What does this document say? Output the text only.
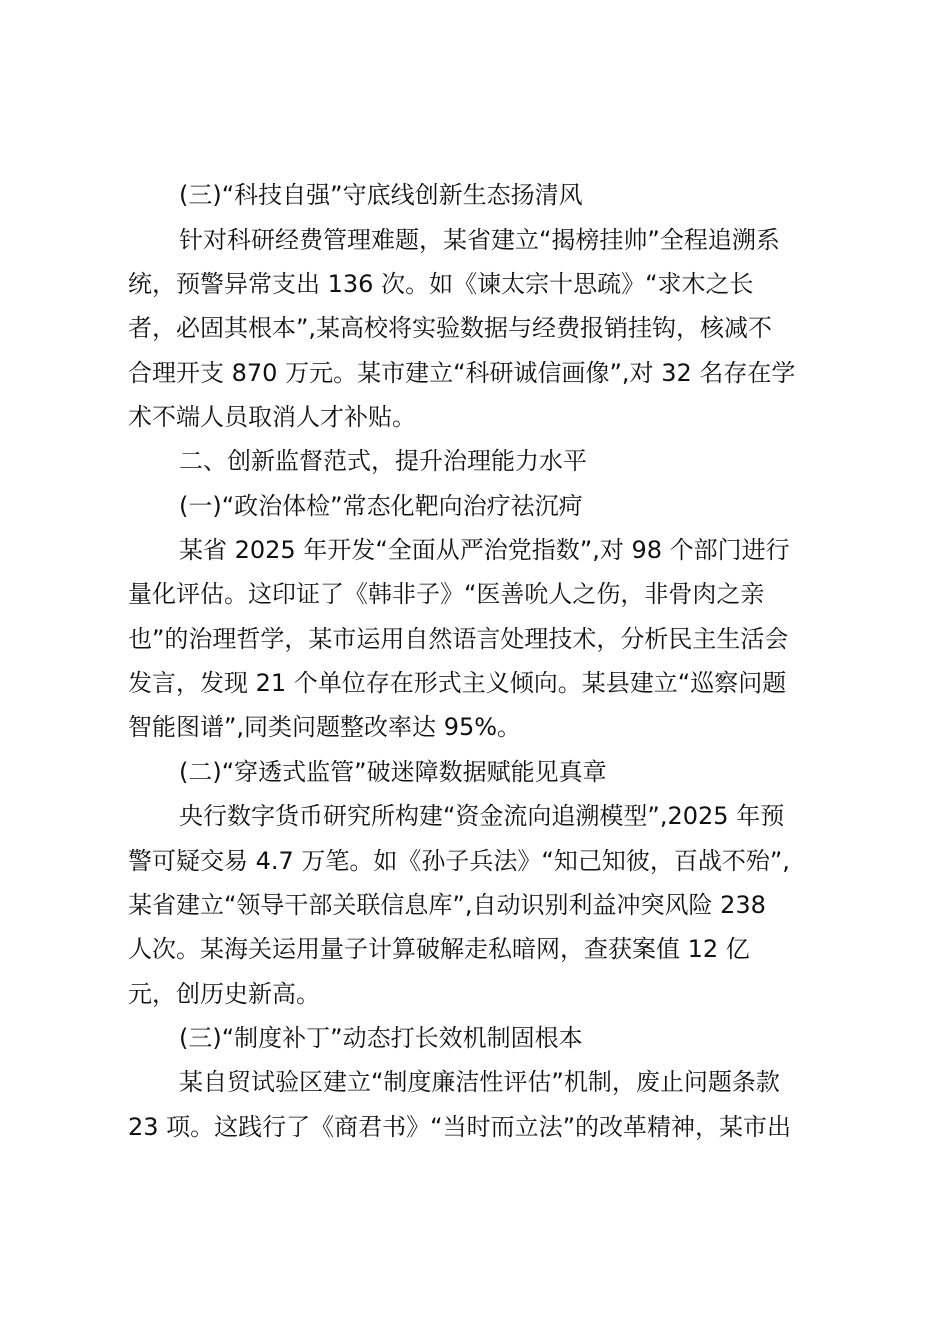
(三)“科技自强”守底线创新生态扬清风
针对科研经费管理难题，某省建立“揭榜挂帅”全程追溯系
统，预警异常支出 136 次。如《谏太宗十思疏》“求木之长
者，必固其根本”,某高校将实验数据与经费报销挂钩，核减不
合理开支 870 万元。某市建立“科研诚信画像”,对 32 名存在学
术不端人员取消人才补贴。
二、创新监督范式，提升治理能力水平
(一)“政治体检”常态化靶向治疗祛沉疴
某省 2025 年开发“全面从严治党指数”,对 98 个部门进行
量化评估。这印证了《韩非子》“医善吮人之伤，非骨肉之亲
也”的治理哲学，某市运用自然语言处理技术，分析民主生活会
发言，发现 21 个单位存在形式主义倾向。某县建立“巡察问题
智能图谱”,同类问题整改率达 95%。
(二)“穿透式监管”破迷障数据赋能见真章
央行数字货币研究所构建“资金流向追溯模型”,2025 年预
警可疑交易 4.7 万笔。如《孙子兵法》“知己知彼，百战不殆”,
某省建立“领导干部关联信息库”,自动识别利益冲突风险 238
人次。某海关运用量子计算破解走私暗网，查获案值 12 亿
元，创历史新高。
(三)“制度补丁”动态打长效机制固根本
某自贸试验区建立“制度廉洁性评估”机制，废止问题条款
23 项。这践行了《商君书》“当时而立法”的改革精神，某市出
